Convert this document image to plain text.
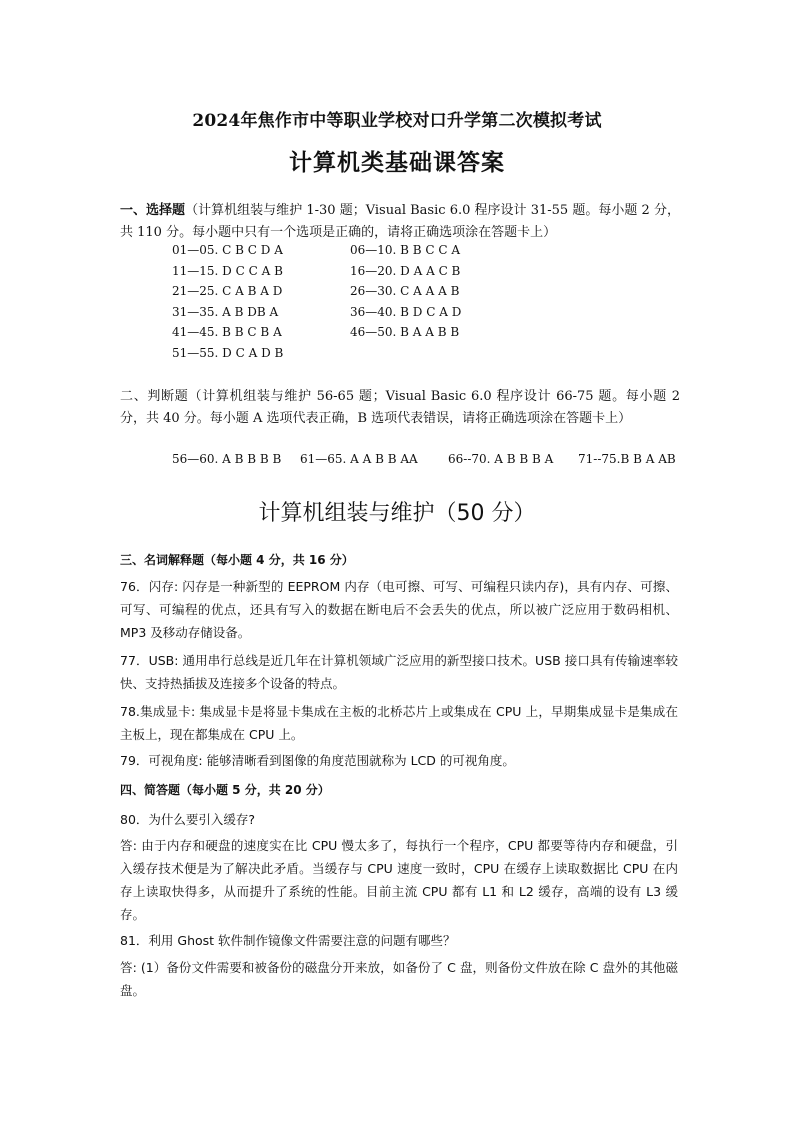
2024年焦作市中等职业学校对口升学第二次模拟考试
计算机类基础课答案
一、选择题（计算机组装与维护 1-30 题；Visual Basic 6.0 程序设计 31-55 题。每小题 2 分，共 110 分。每小题中只有一个选项是正确的，请将正确选项涂在答题卡上）
01—05. C B C D A	06—10. B B C C A
11—15. D C C A B	16—20. D A A C B
21—25. C A B A D	26—30. C A A A B
31—35. A B DB A	36—40. B D C A D
41—45. B B C B A	46—50. B A A B B
51—55. D C A D B
二、判断题（计算机组装与维护 56-65 题；Visual Basic 6.0 程序设计 66-75 题。每小题 2 分，共 40 分。每小题 A 选项代表正确，B 选项代表错误，请将正确选项涂在答题卡上）
56—60. A B B B B 61—65. A A B B AA	66--70. A B B B A 71--75.B B A AB
计算机组装与维护（50 分）
三、名词解释题（每小题 4 分，共 16 分）
76．闪存: 闪存是一种新型的 EEPROM 内存（电可擦、可写、可编程只读内存)，具有内存、可擦、可写、可编程的优点，还具有写入的数据在断电后不会丢失的优点，所以被广泛应用于数码相机、MP3 及移动存储设备。
77．USB: 通用串行总线是近几年在计算机领域广泛应用的新型接口技术。USB 接口具有传输速率较快、支持热插拔及连接多个设备的特点。
78.集成显卡: 集成显卡是将显卡集成在主板的北桥芯片上或集成在 CPU 上，早期集成显卡是集成在主板上，现在都集成在 CPU 上。
79．可视角度: 能够清晰看到图像的角度范围就称为 LCD 的可视角度。
四、简答题（每小题 5 分，共 20 分）
80．为什么要引入缓存?
答: 由于内存和硬盘的速度实在比 CPU 慢太多了，每执行一个程序，CPU 都要等待内存和硬盘，引入缓存技术便是为了解决此矛盾。当缓存与 CPU 速度一致时，CPU 在缓存上读取数据比 CPU 在内存上读取快得多，从而提升了系统的性能。目前主流 CPU 都有 L1 和 L2 缓存，高端的设有 L3 缓存。
81．利用 Ghost 软件制作镜像文件需要注意的问题有哪些？
答: (1）备份文件需要和被备份的磁盘分开来放，如备份了 C 盘，则备份文件放在除 C 盘外的其他磁盘。
